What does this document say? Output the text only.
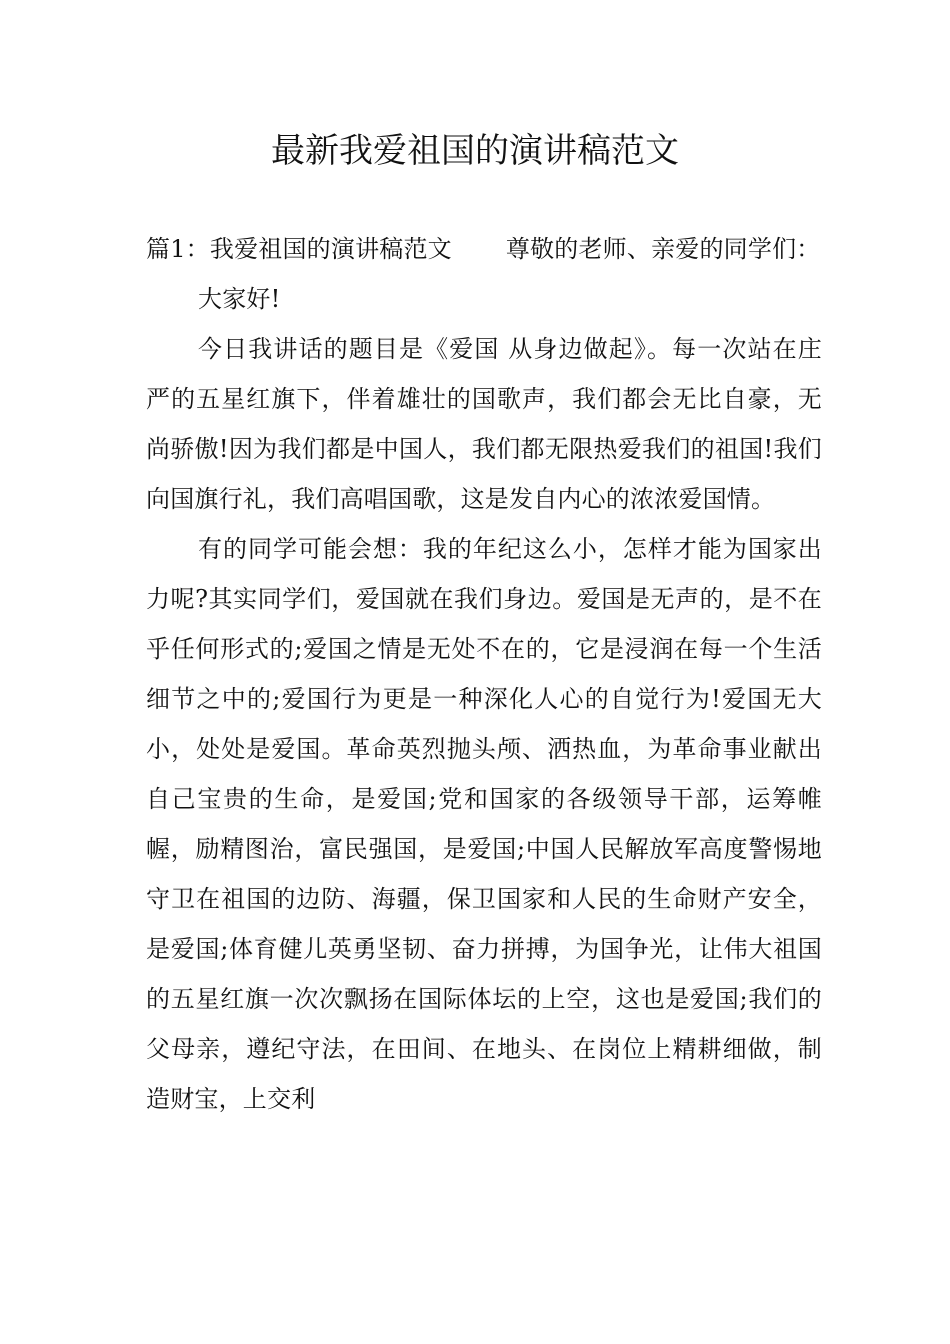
最新我爱祖国的演讲稿范文

篇1：我爱祖国的演讲稿范文 尊敬的老师、亲爱的同学们：

大家好!

今日我讲话的题目是《爱国 从身边做起》。每一次站在庄严的五星红旗下，伴着雄壮的国歌声，我们都会无比自豪，无尚骄傲!因为我们都是中国人，我们都无限热爱我们的祖国!我们向国旗行礼，我们高唱国歌，这是发自内心的浓浓爱国情。

有的同学可能会想：我的年纪这么小，怎样才能为国家出力呢?其实同学们，爱国就在我们身边。爱国是无声的，是不在乎任何形式的;爱国之情是无处不在的，它是浸润在每一个生活细节之中的;爱国行为更是一种深化人心的自觉行为!爱国无大小，处处是爱国。革命英烈抛头颅、洒热血，为革命事业献出自己宝贵的生命，是爱国;党和国家的各级领导干部，运筹帷幄，励精图治，富民强国，是爱国;中国人民解放军高度警惕地守卫在祖国的边防、海疆，保卫国家和人民的生命财产安全，是爱国;体育健儿英勇坚韧、奋力拼搏，为国争光，让伟大祖国的五星红旗一次次飘扬在国际体坛的上空，这也是爱国;我们的父母亲，遵纪守法，在田间、在地头、在岗位上精耕细做，制造财宝，上交利
